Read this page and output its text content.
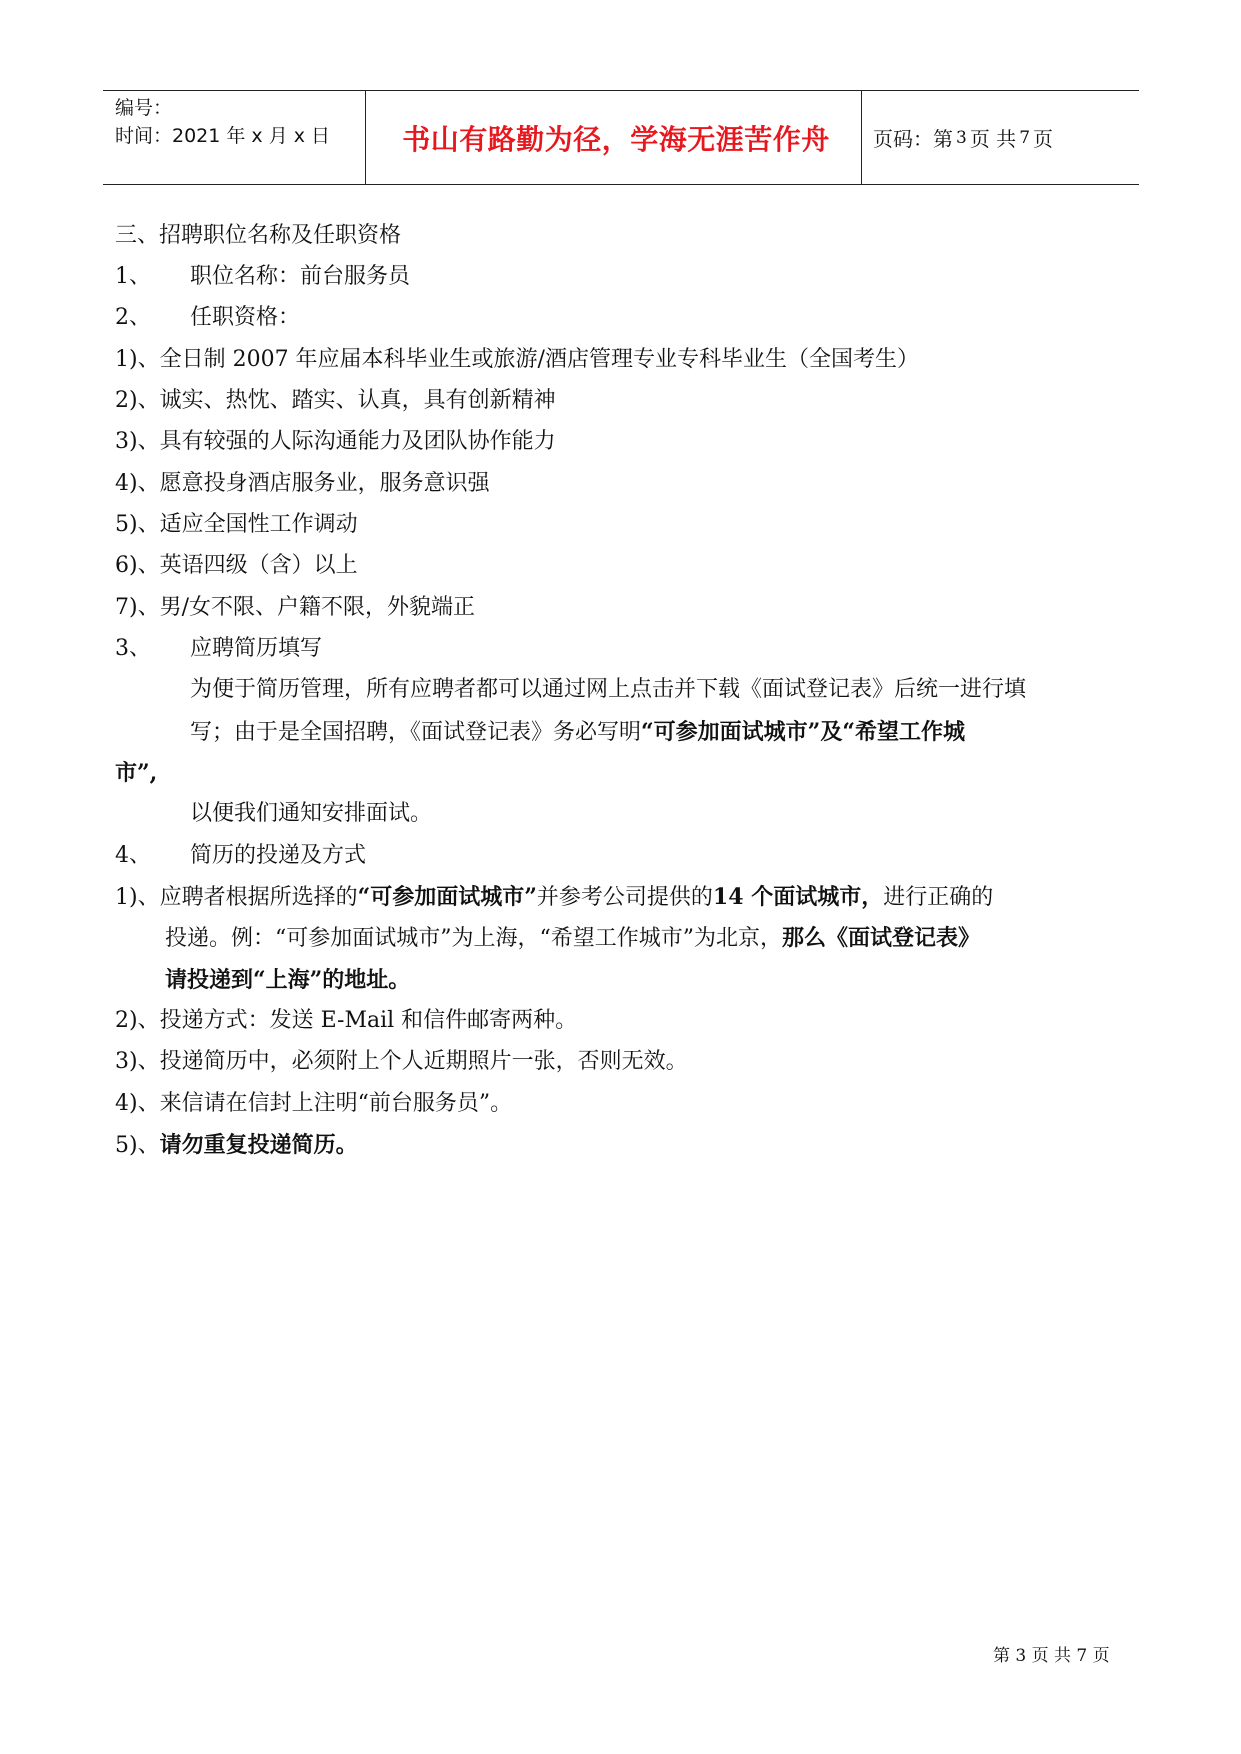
编号：
时间：2021 年 x 月 x 日	书山有路勤为径，学海无涯苦作舟	页码：第 3 页 共 7 页
三、招聘职位名称及任职资格
1、 职位名称：前台服务员
2、 任职资格：
1)、全日制 2007 年应届本科毕业生或旅游/酒店管理专业专科毕业生（全国考生）
2)、诚实、热忱、踏实、认真，具有创新精神
3)、具有较强的人际沟通能力及团队协作能力
4)、愿意投身酒店服务业，服务意识强
5)、适应全国性工作调动
6)、英语四级（含）以上
7)、男/女不限、户籍不限，外貌端正
3、 应聘简历填写
为便于简历管理，所有应聘者都可以通过网上点击并下载《面试登记表》后统一进行填
写；由于是全国招聘，《面试登记表》务必写明“可参加面试城市”及“希望工作城
市”,
以便我们通知安排面试。
4、 简历的投递及方式
1)、应聘者根据所选择的“可参加面试城市”并参考公司提供的14 个面试城市，进行正确的
投递。例：“可参加面试城市”为上海，“希望工作城市”为北京，那么《面试登记表》
请投递到“上海”的地址。
2)、投递方式：发送 E-Mail 和信件邮寄两种。
3)、投递简历中，必须附上个人近期照片一张，否则无效。
4)、来信请在信封上注明“前台服务员”。
5)、请勿重复投递简历。
第 3 页 共 7 页
